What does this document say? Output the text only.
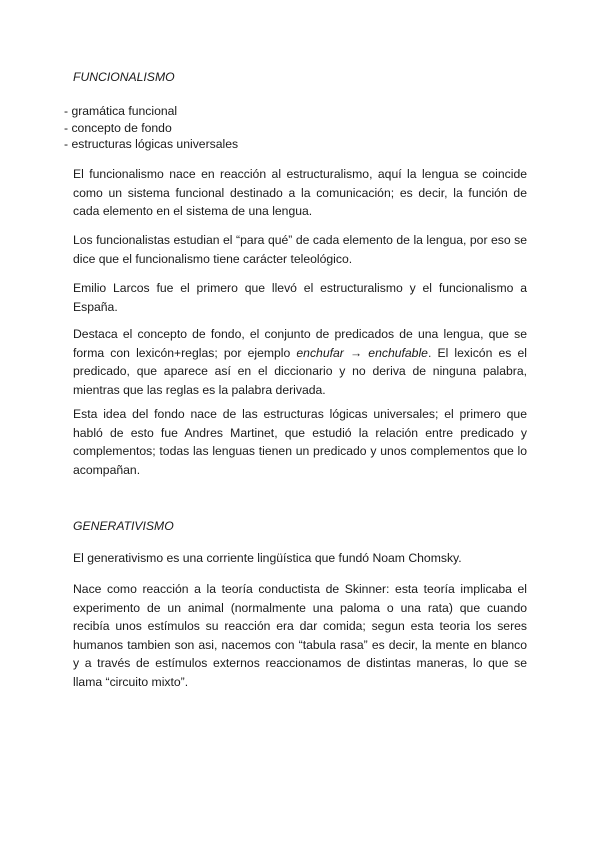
FUNCIONALISMO
- gramática funcional
- concepto de fondo
- estructuras lógicas universales

El funcionalismo nace en reacción al estructuralismo, aquí la lengua se coincide como un sistema funcional destinado a la comunicación; es decir, la función de cada elemento en el sistema de una lengua.

Los funcionalistas estudian el “para qué” de cada elemento de la lengua, por eso se dice que el funcionalismo tiene carácter teleológico.

Emilio Larcos fue el primero que llevó el estructuralismo y el funcionalismo a España.

Destaca el concepto de fondo, el conjunto de predicados de una lengua, que se forma con lexicón+reglas; por ejemplo enchufar → enchufable. El lexicón es el predicado, que aparece así en el diccionario y no deriva de ninguna palabra, mientras que las reglas es la palabra derivada.

Esta idea del fondo nace de las estructuras lógicas universales; el primero que habló de esto fue Andres Martinet, que estudió la relación entre predicado y complementos; todas las lenguas tienen un predicado y unos complementos que lo acompañan.

GENERATIVISMO

El generativismo es una corriente lingüística que fundó Noam Chomsky.

Nace como reacción a la teoría conductista de Skinner: esta teoría implicaba el experimento de un animal (normalmente una paloma o una rata) que cuando recibía unos estímulos su reacción era dar comida; segun esta teoria los seres humanos tambien son asi, nacemos con “tabula rasa” es decir, la mente en blanco y a través de estímulos externos reaccionamos de distintas maneras, lo que se llama “circuito mixto”.
